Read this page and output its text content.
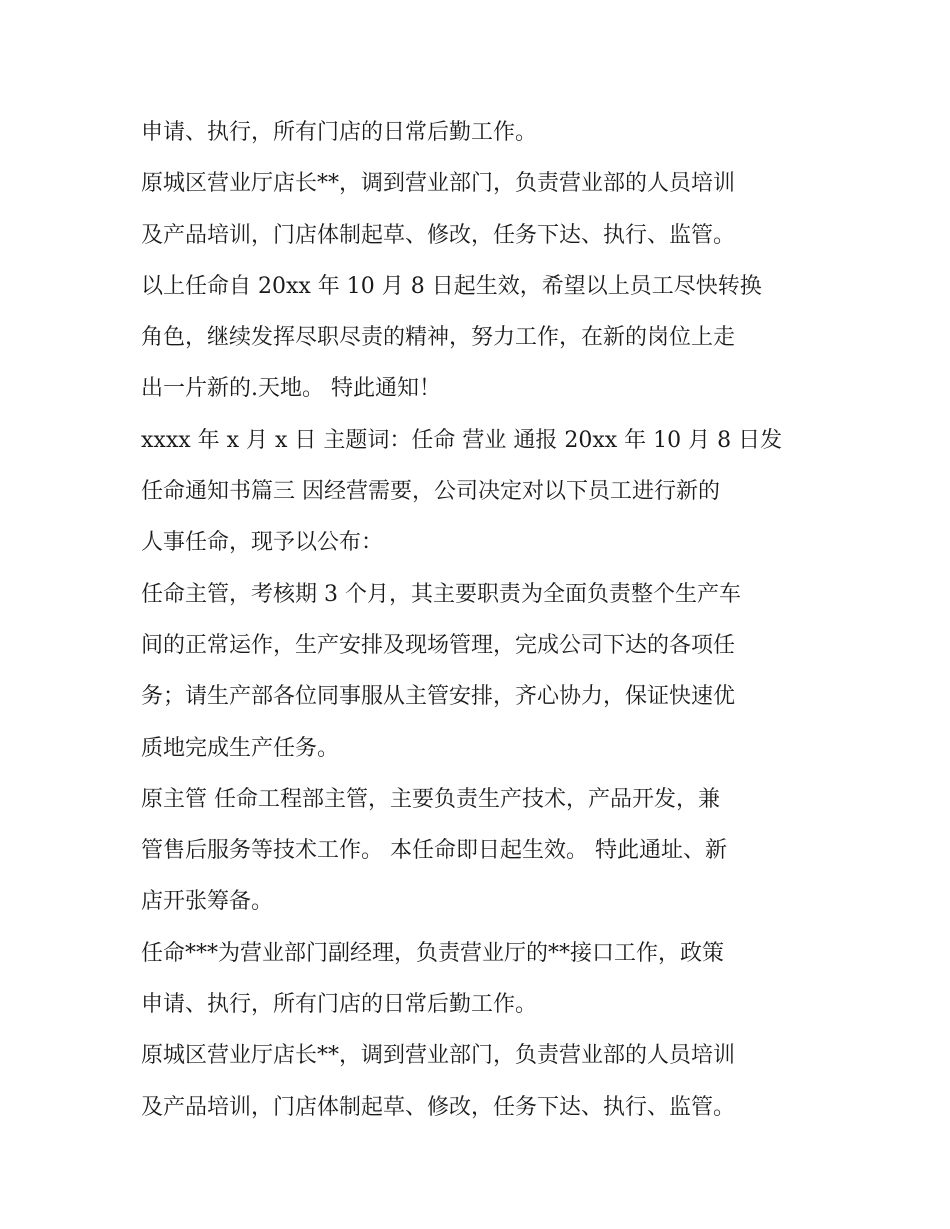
申请、执行，所有门店的日常后勤工作。
原城区营业厅店长**，调到营业部门，负责营业部的人员培训
及产品培训，门店体制起草、修改，任务下达、执行、监管。
以上任命自 20xx 年 10 月 8 日起生效，希望以上员工尽快转换
角色，继续发挥尽职尽责的精神，努力工作，在新的岗位上走
出一片新的.天地。 特此通知！
xxxx 年 x 月 x 日 主题词：任命 营业 通报 20xx 年 10 月 8 日发
任命通知书篇三 因经营需要，公司决定对以下员工进行新的
人事任命，现予以公布：
任命主管，考核期 3 个月，其主要职责为全面负责整个生产车
间的正常运作，生产安排及现场管理，完成公司下达的各项任
务；请生产部各位同事服从主管安排，齐心协力，保证快速优
质地完成生产任务。
原主管 任命工程部主管，主要负责生产技术，产品开发，兼
管售后服务等技术工作。 本任命即日起生效。 特此通址、新
店开张筹备。
任命***为营业部门副经理，负责营业厅的**接口工作，政策
申请、执行，所有门店的日常后勤工作。
原城区营业厅店长**，调到营业部门，负责营业部的人员培训
及产品培训，门店体制起草、修改，任务下达、执行、监管。
